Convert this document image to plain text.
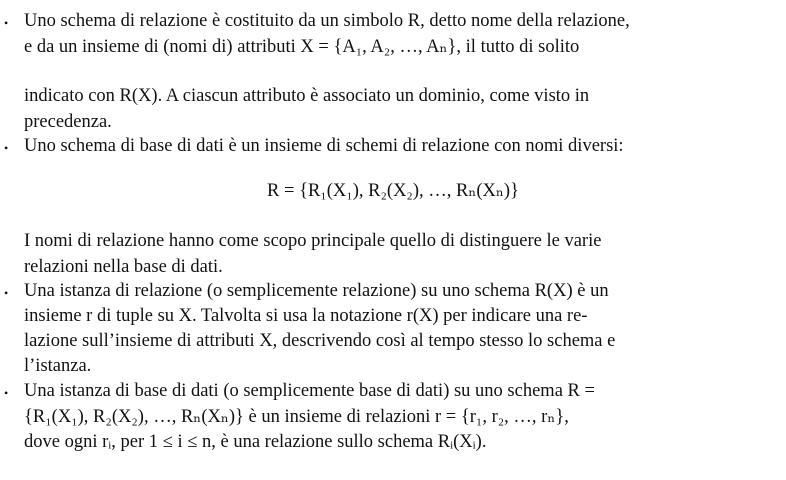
• Uno schema di relazione è costituito da un simbolo R, detto nome della relazione,
e da un insieme di (nomi di) attributi X = {A₁, A₂, …, Aₙ}, il tutto di solito
indicato con R(X). A ciascun attributo è associato un dominio, come visto in
precedenza.
• Uno schema di base di dati è un insieme di schemi di relazione con nomi diversi:
R = {R₁(X₁), R₂(X₂), …, Rₙ(Xₙ)}
I nomi di relazione hanno come scopo principale quello di distinguere le varie
relazioni nella base di dati.
• Una istanza di relazione (o semplicemente relazione) su uno schema R(X) è un
insieme r di tuple su X. Talvolta si usa la notazione r(X) per indicare una re-
lazione sull’insieme di attributi X, descrivendo così al tempo stesso lo schema e
l’istanza.
• Una istanza di base di dati (o semplicemente base di dati) su uno schema R =
{R₁(X₁), R₂(X₂), …, Rₙ(Xₙ)} è un insieme di relazioni r = {r₁, r₂, …, rₙ},
dove ogni rᵢ, per 1 ≤ i ≤ n, è una relazione sullo schema Rᵢ(Xᵢ).
